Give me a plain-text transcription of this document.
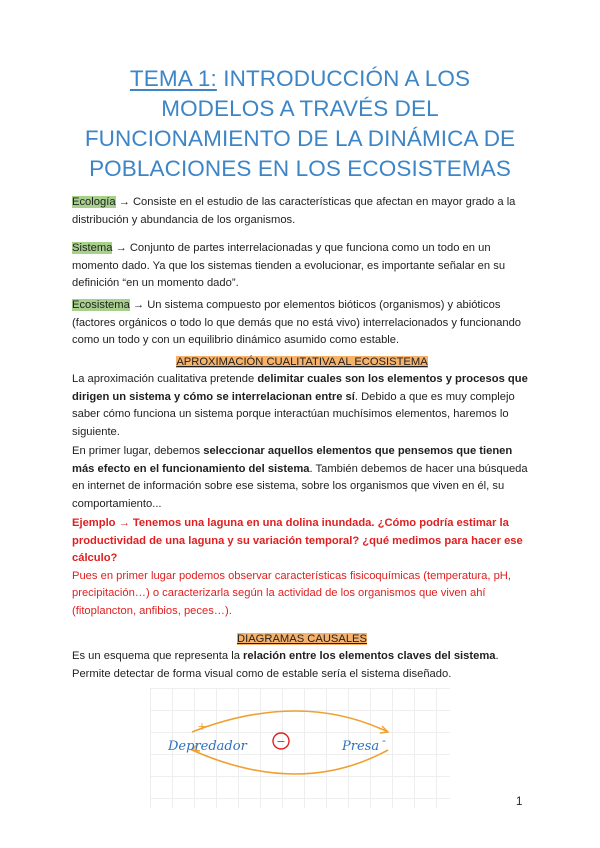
TEMA 1: INTRODUCCIÓN A LOS
MODELOS A TRAVÉS DEL
FUNCIONAMIENTO DE LA DINÁMICA DE
POBLACIONES EN LOS ECOSISTEMAS
Ecología → Consiste en el estudio de las características que afectan en mayor grado a la
distribución y abundancia de los organismos.
Sistema → Conjunto de partes interrelacionadas y que funciona como un todo en un
momento dado. Ya que los sistemas tienden a evolucionar, es importante señalar en su
definición “en un momento dado”.
Ecosistema → Un sistema compuesto por elementos bióticos (organismos) y abióticos
(factores orgánicos o todo lo que demás que no está vivo) interrelacionados y funcionando
como un todo y con un equilibrio dinámico asumido como estable.
APROXIMACIÓN CUALITATIVA AL ECOSISTEMA
La aproximación cualitativa pretende delimitar cuales son los elementos y procesos que
dirigen un sistema y cómo se interrelacionan entre sí. Debido a que es muy complejo
saber cómo funciona un sistema porque interactúan muchísimos elementos, haremos lo
siguiente.
En primer lugar, debemos seleccionar aquellos elementos que pensemos que tienen
más efecto en el funcionamiento del sistema. También debemos de hacer una búsqueda
en internet de información sobre ese sistema, sobre los organismos que viven en él, su
comportamiento...
Ejemplo → Tenemos una laguna en una dolina inundada. ¿Cómo podría estimar la
productividad de una laguna y su variación temporal? ¿qué medimos para hacer ese
cálculo?
Pues en primer lugar podemos observar características fisicoquímicas (temperatura, pH,
precipitación…) o caracterizarla según la actividad de los organismos que viven ahí
(fitoplancton, anfibios, peces…).
DIAGRAMAS CAUSALES
Es un esquema que representa la relación entre los elementos claves del sistema.
Permite detectar de forma visual como de estable sería el sistema diseñado.
−
+
-
Depredador	Presa
1
